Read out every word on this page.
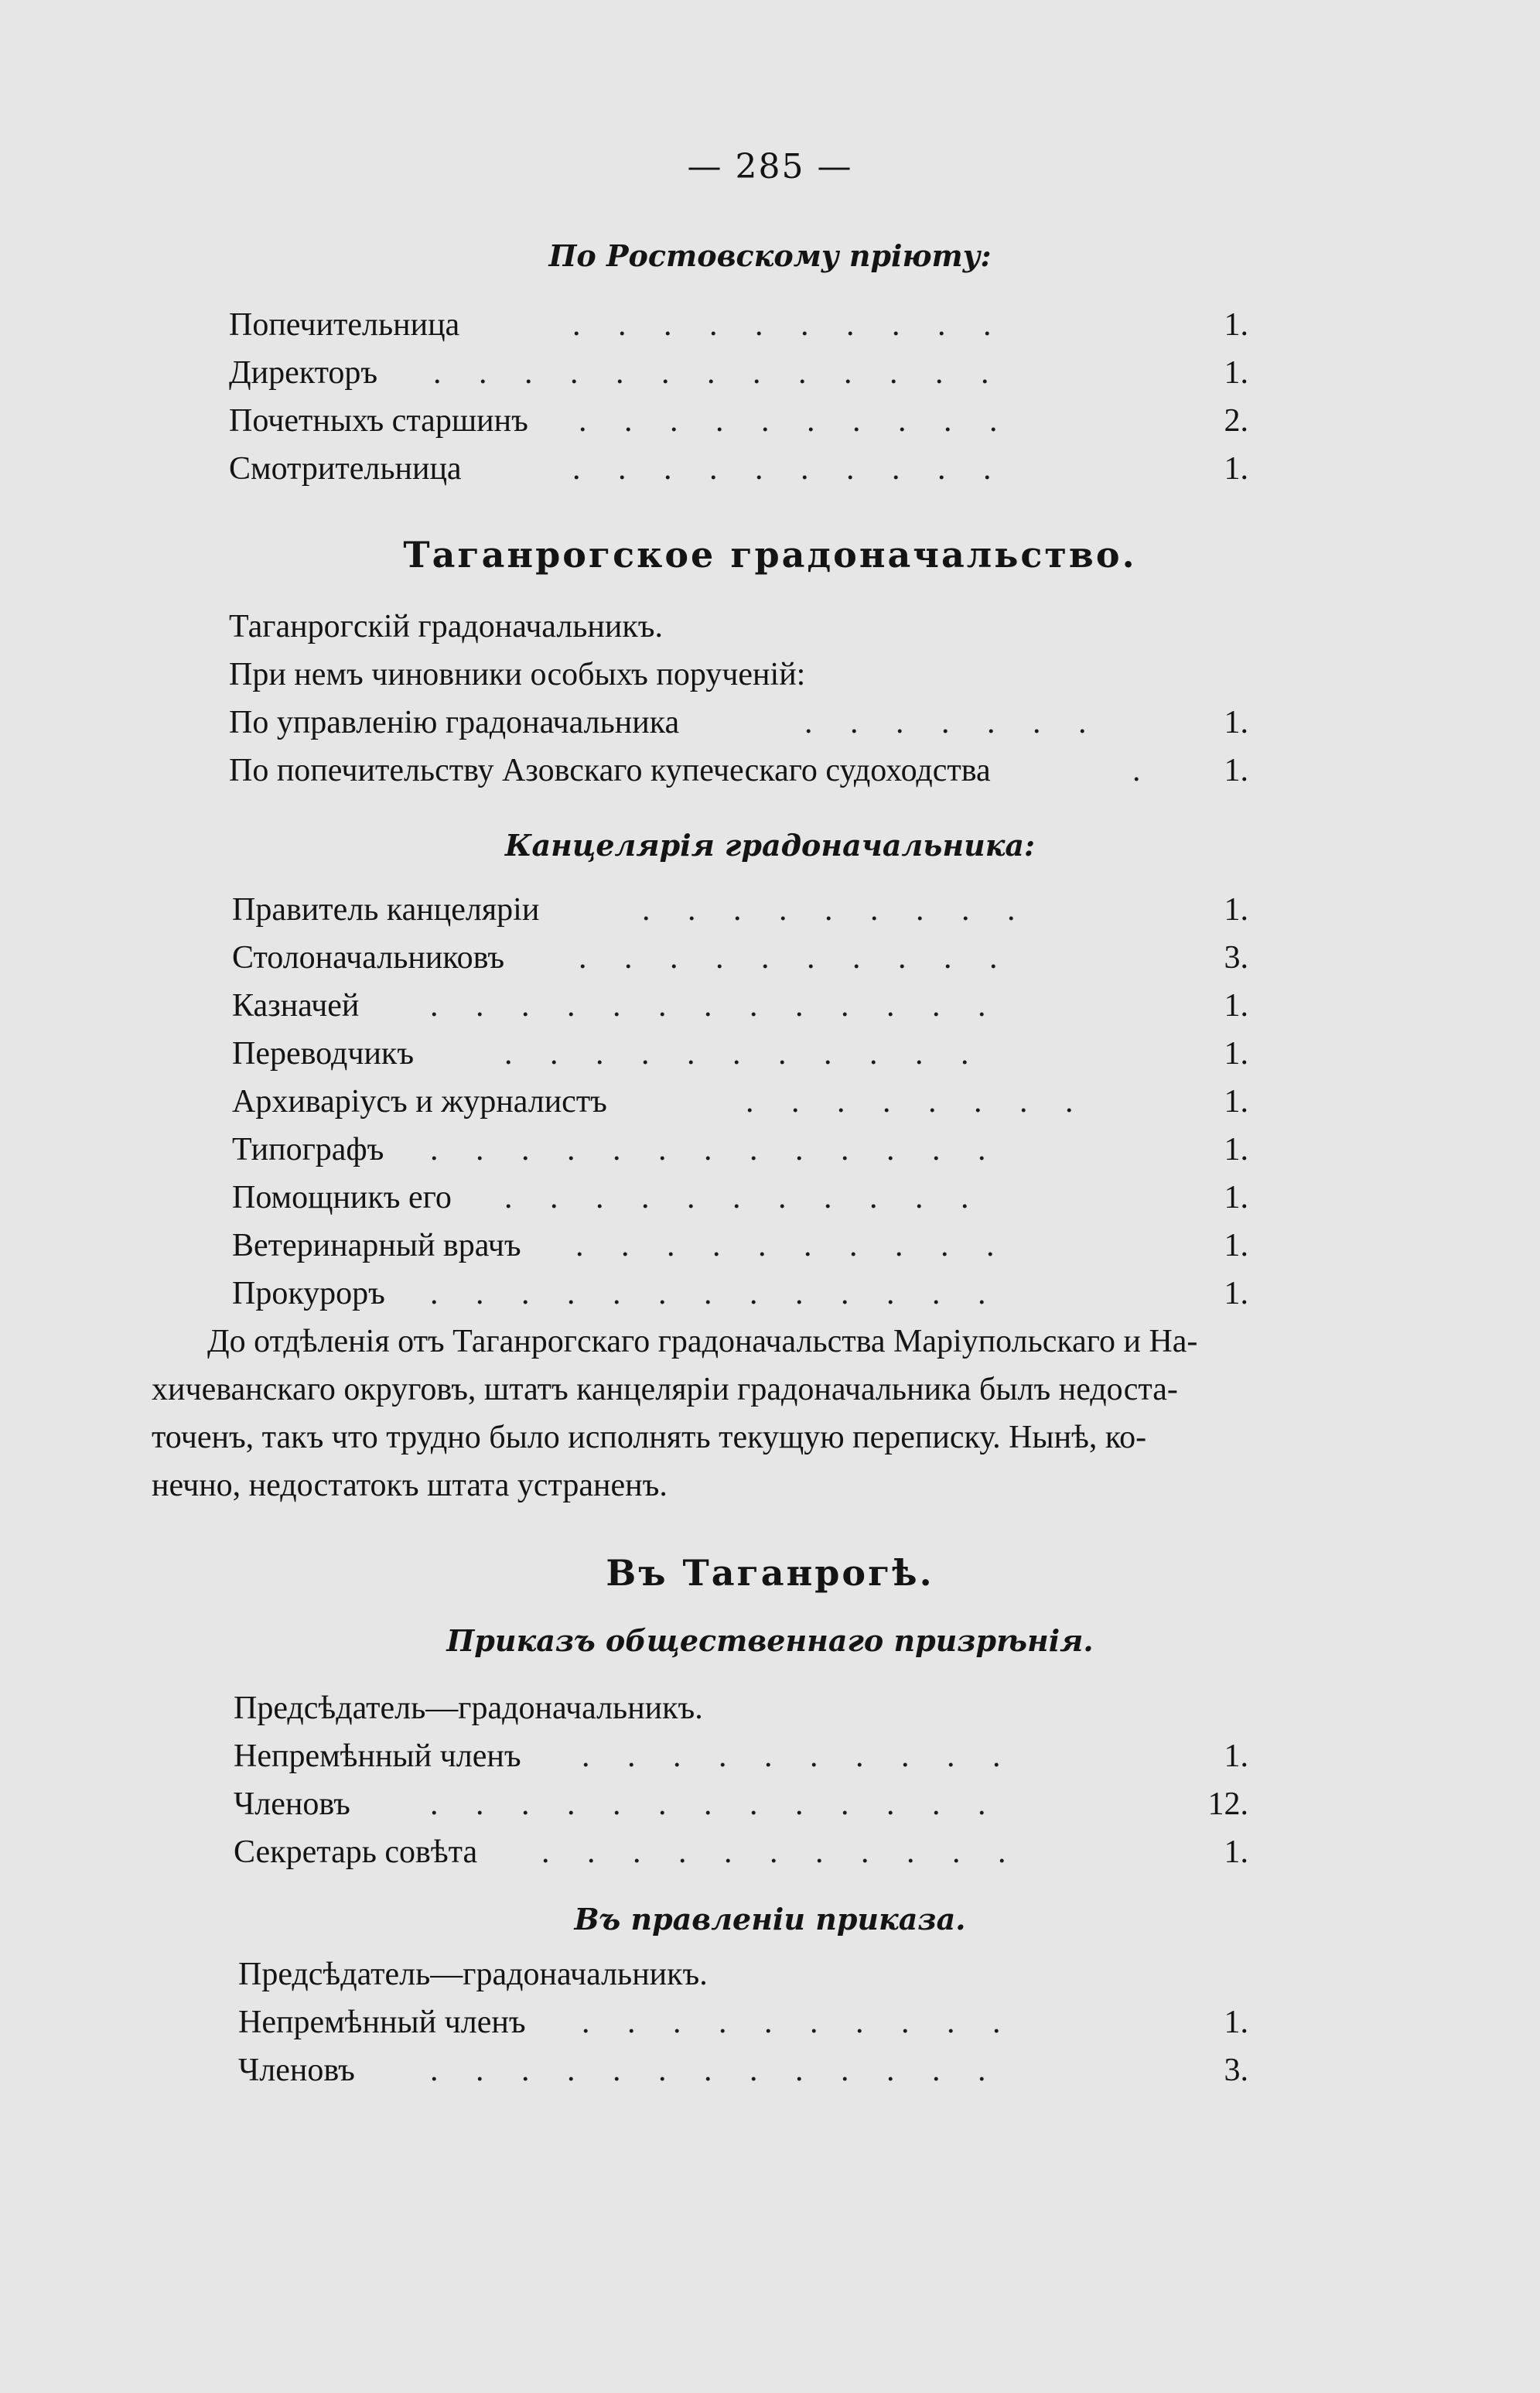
— 285 —
По Ростовскому прiюту:
Попечительница	. . . . . . . . . .	1.
Директоръ . . . . . . . . . . . . .	1.
Почетныхъ старшинъ . . . . . . . . . .	2.
Смотрительница	. . . . . . . . . .	1.
Таганрогское градоначальство.
Таганрогскiй градоначальникъ.
При немъ чиновники особыхъ порученiй:
По управленiю градоначальника	. . . . . . .	1.
По попечительству Азовскаго купеческаго судоходства	.	1.
Канцелярiя градоначальника:
Правитель канцелярiи	. . . . . . . . .	1.
Столоначальниковъ . . . . . . . . . .	3.
Казначей . . . . . . . . . . . . .	1.
Переводчикъ	. . . . . . . . . . .	1.
Архиварiусъ и журналистъ	. . . . . . . .	1.
Типографъ . . . . . . . . . . . . .	1.
Помощникъ его . . . . . . . . . . .	1.
Ветеринарный врачъ . . . . . . . . . .	1.
Прокуроръ . . . . . . . . . . . . .	1.
До отдѣленiя отъ Таганрогскаго градоначальства Марiупольскаго и На-
хичеванскаго округовъ, штатъ канцелярiи градоначальника былъ недоста-
точенъ, такъ что трудно было исполнять текущую переписку. Нынѣ, ко-
нечно, недостатокъ штата устраненъ.
Въ Таганрогѣ.
Приказъ общественнаго призрѣнiя.
Предсѣдатель—градоначальникъ.
Непремѣнный членъ . . . . . . . . . .	1.
Членовъ . . . . . . . . . . . . .	12.
Секретарь совѣта . . . . . . . . . . .	1.
Въ правленiи приказа.
Предсѣдатель—градоначальникъ.
Непремѣнный членъ . . . . . . . . . .	1.
Членовъ . . . . . . . . . . . . .	3.
